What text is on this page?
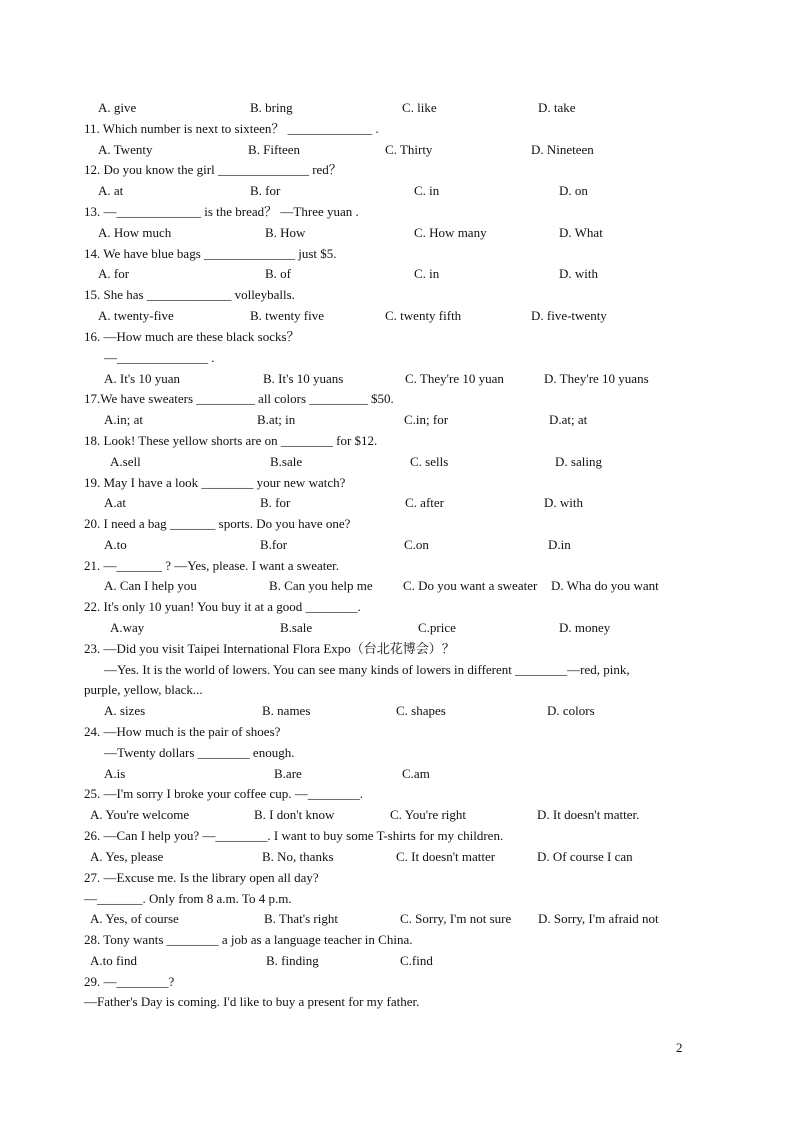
A. give	B. bring	C. like	D. take
11. Which number is next to sixteen？ _____________ .
A. Twenty	B. Fifteen	C. Thirty	D. Nineteen
12. Do you know the girl ______________ red？
A. at	B. for	C. in	D. on
13. —_____________ is the bread？ —Three yuan .
A. How much	B. How	C. How many	D. What
14. We have blue bags ______________ just $5.
A. for	B. of	C. in	D. with
15. She has _____________ volleyballs.
A. twenty-five	B. twenty five	C. twenty fifth	D. five-twenty
16. —How much are these black socks？
—______________ .
A. It's 10 yuan	B. It's 10 yuans	C. They're 10 yuan	D. They're 10 yuans
17.We have sweaters _________ all colors _________ $50.
A.in; at	B.at; in	C.in; for	D.at; at
18. Look! These yellow shorts are on ________ for $12.
A.sell	B.sale	C. sells	D. saling
19. May I have a look ________ your new watch?
A.at	B. for	C. after	D. with
20. I need a bag _______ sports. Do you have one?
A.to	B.for	C.on	D.in
21. —_______ ? —Yes, please. I want a sweater.
A. Can I help you	B. Can you help me C. Do you want a sweater D. Wha do you want
22. It's only 10 yuan! You buy it at a good ________.
A.way	B.sale	C.price	D. money
23. —Did you visit Taipei International Flora Expo（台北花博会）？
—Yes. It is the world of lowers. You can see many kinds of lowers in different ________—red, pink,
purple, yellow, black...
A. sizes	B. names	C. shapes	D. colors
24. —How much is the pair of shoes?
—Twenty dollars ________ enough.
A.is	B.are	C.am
25. —I'm sorry I broke your coffee cup. —________.
A. You're welcome	B. I don't know	C. You're right	D. It doesn't matter.
26. —Can I help you? —________. I want to buy some T-shirts for my children.
A. Yes, please	B. No, thanks	C. It doesn't matter	D. Of course I can
27. —Excuse me. Is the library open all day?
—_______. Only from 8 a.m. To 4 p.m.
A. Yes, of course	B. That's right	C. Sorry, I'm not sure D. Sorry, I'm afraid not
28. Tony wants ________ a job as a language teacher in China.
A.to find	B. finding	C.find
29. —________?
—Father's Day is coming. I'd like to buy a present for my father.
2
